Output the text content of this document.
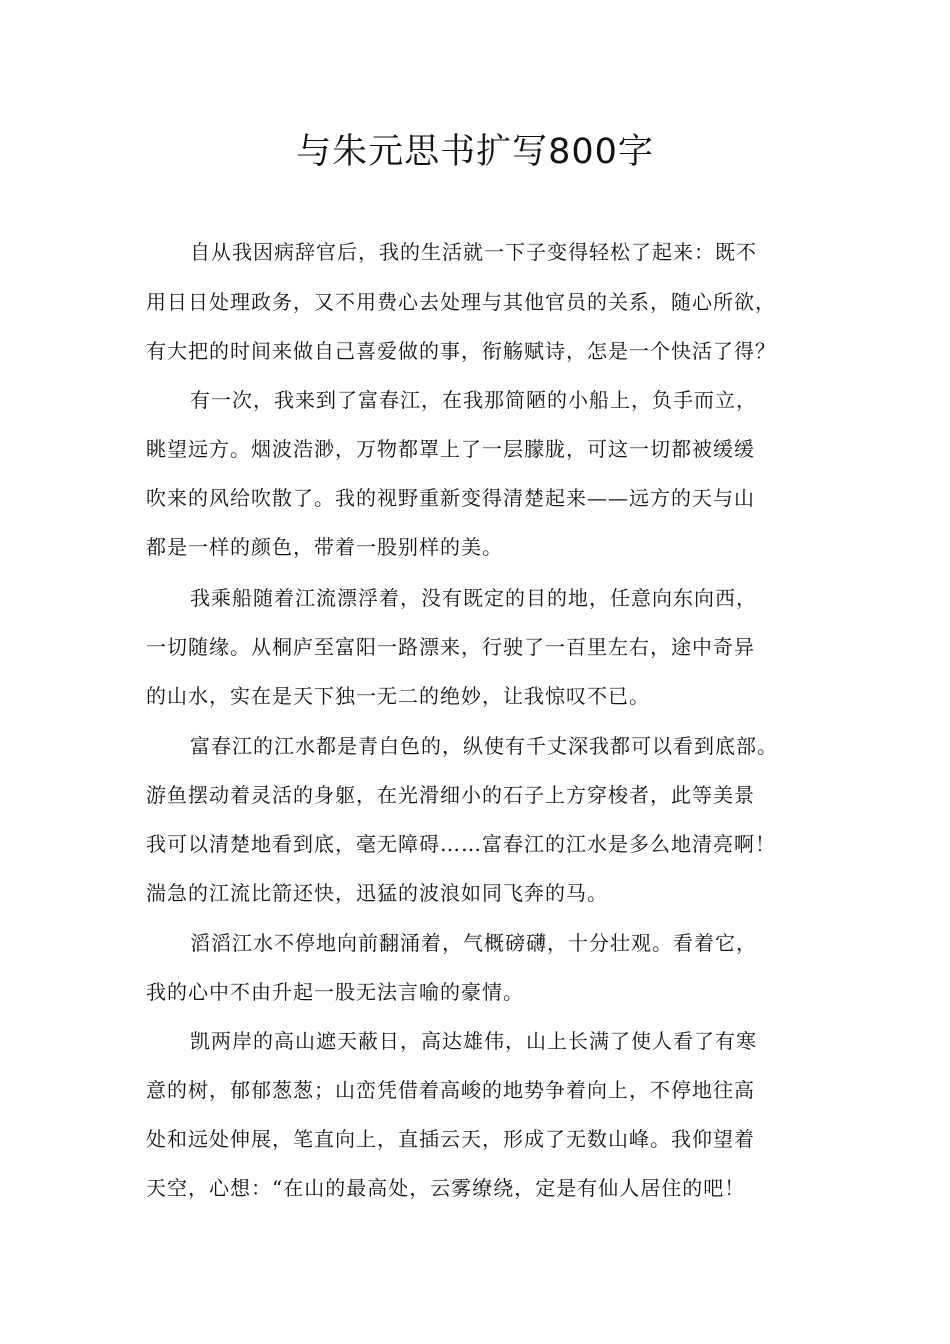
与朱元思书扩写800字
自从我因病辞官后，我的生活就一下子变得轻松了起来：既不
用日日处理政务，又不用费心去处理与其他官员的关系，随心所欲，
有大把的时间来做自己喜爱做的事，衔觞赋诗，怎是一个快活了得？
有一次，我来到了富春江，在我那简陋的小船上，负手而立，
眺望远方。烟波浩渺，万物都罩上了一层朦胧，可这一切都被缓缓
吹来的风给吹散了。我的视野重新变得清楚起来——远方的天与山
都是一样的颜色，带着一股别样的美。
我乘船随着江流漂浮着，没有既定的目的地，任意向东向西，
一切随缘。从桐庐至富阳一路漂来，行驶了一百里左右，途中奇异
的山水，实在是天下独一无二的绝妙，让我惊叹不已。
富春江的江水都是青白色的，纵使有千丈深我都可以看到底部。
游鱼摆动着灵活的身躯，在光滑细小的石子上方穿梭者，此等美景
我可以清楚地看到底，毫无障碍……富春江的江水是多么地清亮啊！
湍急的江流比箭还快，迅猛的波浪如同飞奔的马。
滔滔江水不停地向前翻涌着，气概磅礴，十分壮观。看着它，
我的心中不由升起一股无法言喻的豪情。
凯两岸的高山遮天蔽日，高达雄伟，山上长满了使人看了有寒
意的树，郁郁葱葱；山峦凭借着高峻的地势争着向上，不停地往高
处和远处伸展，笔直向上，直插云天，形成了无数山峰。我仰望着
天空，心想：“在山的最高处，云雾缭绕，定是有仙人居住的吧！
